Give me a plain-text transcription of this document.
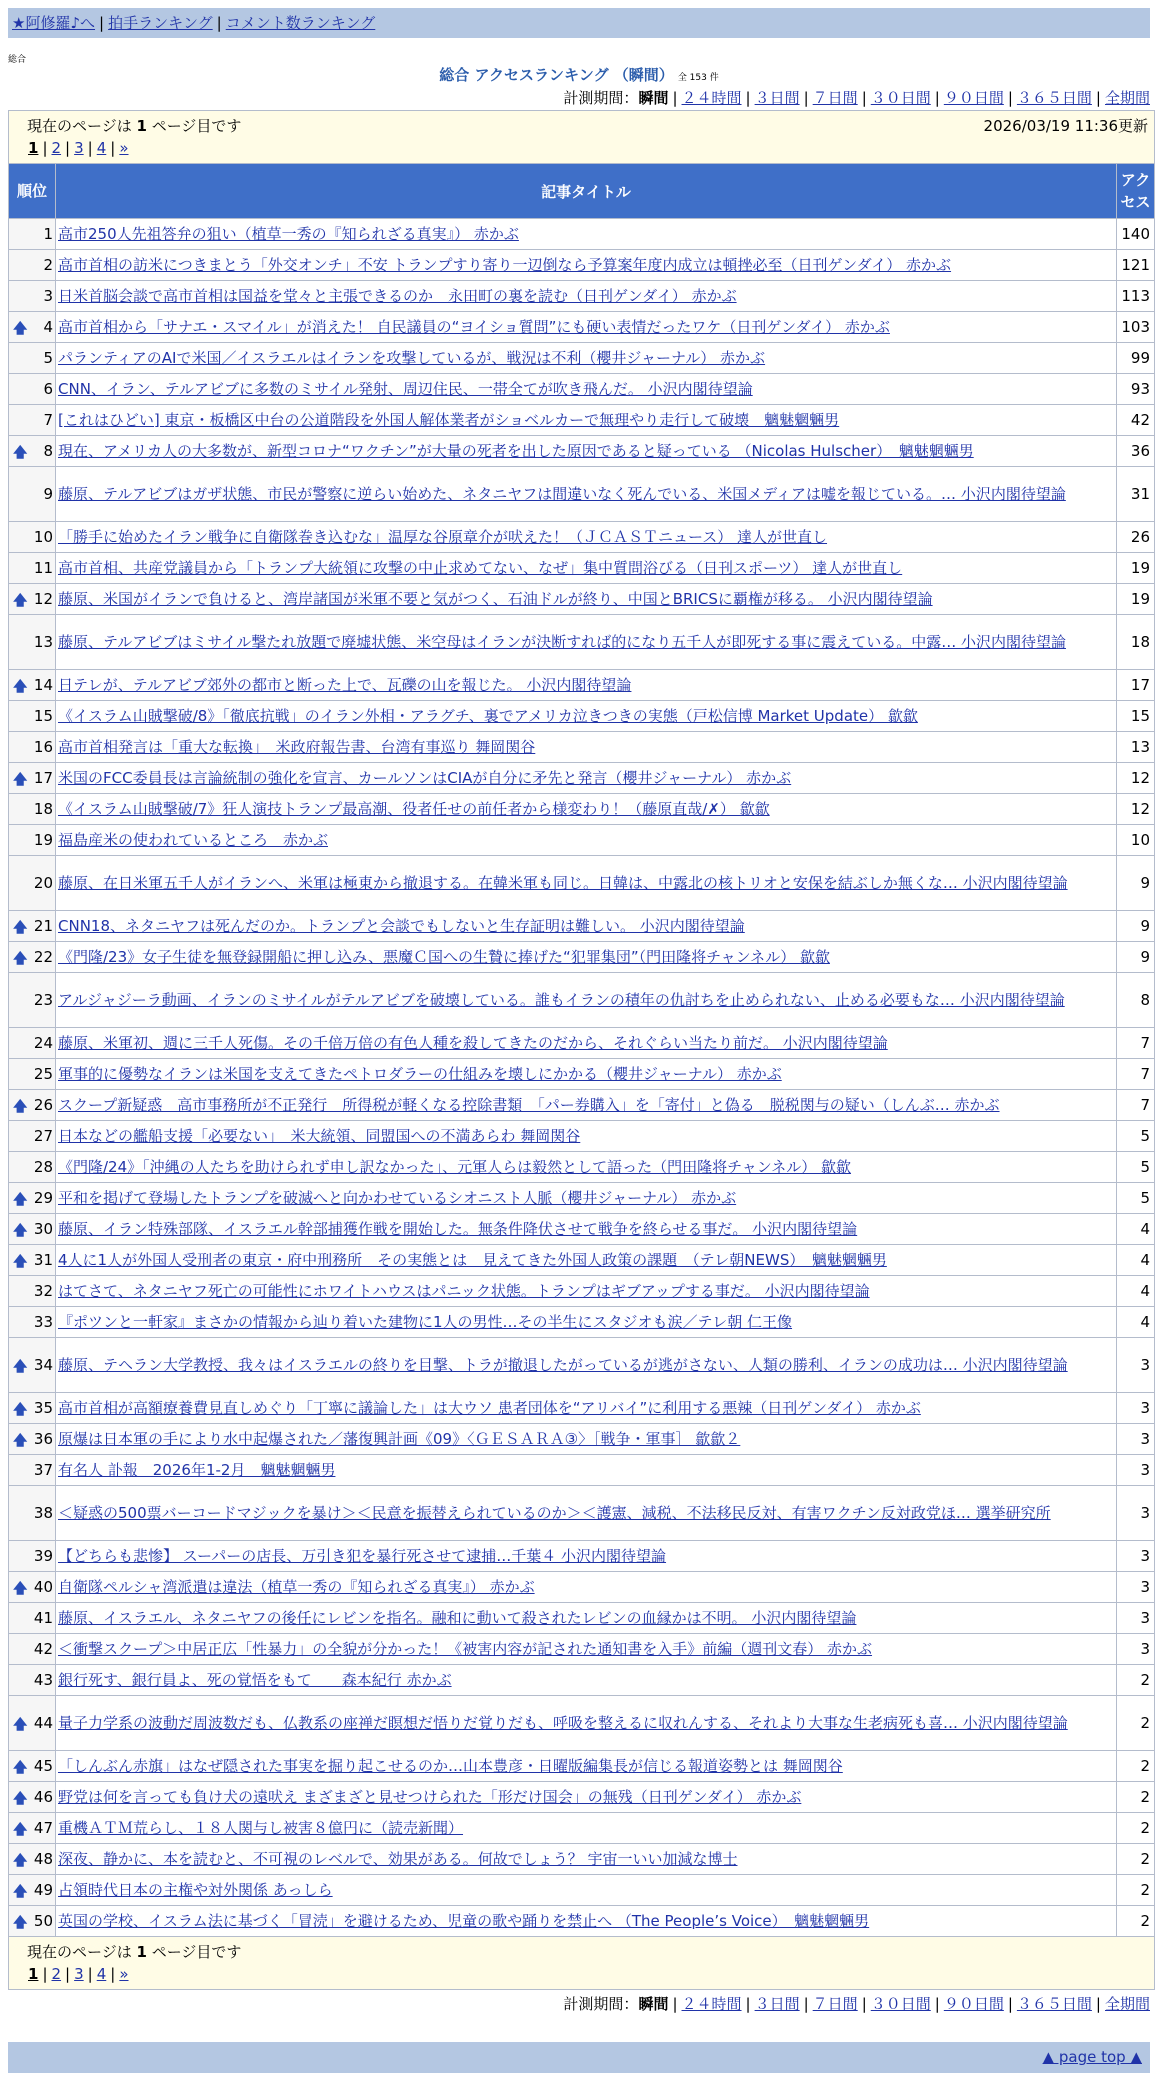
★阿修羅♪へ | 拍手ランキング | コメント数ランキング
総合
総合 アクセスランキング （瞬間） 全 153 件
計測期間：瞬間 | ２４時間 | ３日間 | ７日間 | ３０日間 | ９０日間 | ３６５日間 | 全期間
現在のページは 1 ページ目です 2026/03/19 11:36更新
1 | 2 | 3 | 4 | »		

順位	記事タイトル	アクセス
1	高市250人先祖答弁の狙い（植草一秀の『知られざる真実』） 赤かぶ	140
2	高市首相の訪米につきまとう「外交オンチ」不安 トランプすり寄り一辺倒なら予算案年度内成立は頓挫必至（日刊ゲンダイ） 赤かぶ	121
3	日米首脳会談で高市首相は国益を堂々と主張できるのか　永田町の裏を読む（日刊ゲンダイ） 赤かぶ	113

🡅 4	高市首相から「サナエ・スマイル」が消えた！ 自民議員の“ヨイショ質問”にも硬い表情だったワケ（日刊ゲンダイ） 赤かぶ	103
5	パランティアのAIで米国／イスラエルはイランを攻撃しているが、戦況は不利（櫻井ジャーナル） 赤かぶ	99
6	CNN、イラン、テルアビブに多数のミサイル発射、周辺住民、一帯全てが吹き飛んだ。 小沢内閣待望論	93
7	[これはひどい] 東京・板橋区中台の公道階段を外国人解体業者がショベルカーで無理やり走行して破壊　魑魅魍魎男	42

🡅 8	現在、アメリカ人の大多数が、新型コロナ“ワクチン”が大量の死者を出した原因であると疑っている （Nicolas Hulscher）　魑魅魍魎男	36
9	藤原、テルアビブはガザ状態、市民が警察に逆らい始めた、ネタニヤフは間違いなく死んでいる、米国メディアは嘘を報じている。… 小沢内閣待望論	31
10	「勝手に始めたイラン戦争に自衛隊巻き込むな」温厚な谷原章介が吠えた！（ＪＣＡＳＴニュース） 達人が世直し	26
11	高市首相、共産党議員から「トランプ大統領に攻撃の中止求めてない、なぜ」集中質問浴びる（日刊スポーツ） 達人が世直し	19

🡅 12	藤原、米国がイランで負けると、湾岸諸国が米軍不要と気がつく、石油ドルが終り、中国とBRICSに覇権が移る。 小沢内閣待望論	19
13	藤原、テルアビブはミサイル撃たれ放題で廃墟状態、米空母はイランが決断すれば的になり五千人が即死する事に震えている。中露… 小沢内閣待望論	18

🡅 14	日テレが、テルアビブ郊外の都市と断った上で、瓦礫の山を報じた。 小沢内閣待望論	17
15	《イスラム山賊撃破/8》「徹底抗戦」のイラン外相・アラグチ、裏でアメリカ泣きつきの実態（戸松信博 Market Update） 歙歙	15
16	高市首相発言は「重大な転換」　米政府報告書、台湾有事巡り 舞岡関谷	13

🡅 17	米国のFCC委員長は言論統制の強化を宣言、カールソンはCIAが自分に矛先と発言（櫻井ジャーナル） 赤かぶ	12
18	《イスラム山賊撃破/7》狂人演技トランプ最高潮、役者任せの前任者から様変わり！（藤原直哉/✗） 歙歙	12
19	福島産米の使われているところ　赤かぶ	10
20	藤原、在日米軍五千人がイランへ、米軍は極東から撤退する。在韓米軍も同じ。日韓は、中露北の核トリオと安保を結ぶしか無くな… 小沢内閣待望論	9

🡅 21	CNN18、ネタニヤフは死んだのか。トランプと会談でもしないと生存証明は難しい。 小沢内閣待望論	9

🡅 22	《門隆/23》女子生徒を無登録開船に押し込み、悪魔Ｃ国への生贄に捧げた“犯罪集団”（門田隆将チャンネル） 歙歙	9
23	アルジャジーラ動画、イランのミサイルがテルアビブを破壊している。誰もイランの積年の仇討ちを止められない、止める必要もな… 小沢内閣待望論	8
24	藤原、米軍初、週に三千人死傷。その千倍万倍の有色人種を殺してきたのだから、それぐらい当たり前だ。 小沢内閣待望論	7
25	軍事的に優勢なイランは米国を支えてきたペトロダラーの仕組みを壊しにかかる（櫻井ジャーナル） 赤かぶ	7

🡅 26	スクープ新疑惑　高市事務所が不正発行　所得税が軽くなる控除書類　「パー券購入」を「寄付」と偽る　脱税関与の疑い（しんぶ… 赤かぶ	7
27	日本などの艦船支援「必要ない」　米大統領、同盟国への不満あらわ 舞岡関谷	5
28	《門隆/24》「沖縄の人たちを助けられず申し訳なかった」、元軍人らは毅然として語った（門田隆将チャンネル） 歙歙	5

🡅 29	平和を掲げて登場したトランプを破滅へと向かわせているシオニスト人脈（櫻井ジャーナル） 赤かぶ	5

🡅 30	藤原、イラン特殊部隊、イスラエル幹部捕獲作戦を開始した。無条件降伏させて戦争を終らせる事だ。 小沢内閣待望論	4

🡅 31	4人に1人が外国人受刑者の東京・府中刑務所　その実態とは　見えてきた外国人政策の課題　（テレ朝NEWS）　魑魅魍魎男	4
32	はてさて、ネタニヤフ死亡の可能性にホワイトハウスはパニック状態。トランプはギブアップする事だ。 小沢内閣待望論	4
33	『ポツンと一軒家』まさかの情報から辿り着いた建物に1人の男性…その半生にスタジオも涙／テレ朝 仁王像	4

🡅 34	藤原、テヘラン大学教授、我々はイスラエルの終りを目撃、トラが撤退したがっているが逃がさない、人類の勝利、イランの成功は… 小沢内閣待望論	3

🡅 35	高市首相が高額療養費見直しめぐり「丁寧に議論した」は大ウソ 患者団体を“アリバイ”に利用する悪辣（日刊ゲンダイ） 赤かぶ	3

🡅 36	原爆は日本軍の手により水中起爆された／藩復興計画《09》〈ＧＥＳＡＲＡ③〉［戦争・軍事］ 歙歙２	3
37	有名人 訃報　2026年1-2月　魑魅魍魎男	3
38	＜疑惑の500票バーコードマジックを暴け＞＜民意を振替えられているのか＞＜護憲、減税、不法移民反対、有害ワクチン反対政党ほ… 選挙研究所	3
39	【どちらも悲惨】 スーパーの店長、万引き犯を暴行死させて逮捕…千葉４ 小沢内閣待望論	3

🡅 40	自衛隊ペルシャ湾派遣は違法（植草一秀の『知られざる真実』） 赤かぶ	3
41	藤原、イスラエル、ネタニヤフの後任にレビンを指名。融和に動いて殺されたレビンの血縁かは不明。 小沢内閣待望論	3
42	＜衝撃スクープ＞中居正広「性暴力」の全貌が分かった！《被害内容が記された通知書を入手》前編（週刊文春） 赤かぶ	3
43	銀行死す、銀行員よ、死の覚悟をもて　　森本紀行 赤かぶ	2

🡅 44	量子力学系の波動だ周波数だも、仏教系の座禅だ瞑想だ悟りだ覚りだも、呼吸を整えるに収れんする、それより大事な生老病死も喜… 小沢内閣待望論	2

🡅 45	「しんぶん赤旗」はなぜ隠された事実を掘り起こせるのか…山本豊彦・日曜版編集長が信じる報道姿勢とは 舞岡関谷	2

🡅 46	野党は何を言っても負け犬の遠吠え まざまざと見せつけられた「形だけ国会」の無残（日刊ゲンダイ） 赤かぶ	2

🡅 47	重機ＡＴＭ荒らし、１８人関与し被害８億円に（読売新聞）	2

🡅 48	深夜、静かに、本を読むと、不可視のレベルで、効果がある。何故でしょう？ 宇宙一いい加減な博士	2

🡅 49	占領時代日本の主権や対外関係 あっしら	2

🡅 50	英国の学校、イスラム法に基づく「冒涜」を避けるため、児童の歌や踊りを禁止へ （The People’s Voice）　魑魅魍魎男	2

現在のページは 1 ページ目です
1 | 2 | 3 | 4 | »		
計測期間：瞬間 | ２４時間 | ３日間 | ７日間 | ３０日間 | ９０日間 | ３６５日間 | 全期間
▲ page top ▲
